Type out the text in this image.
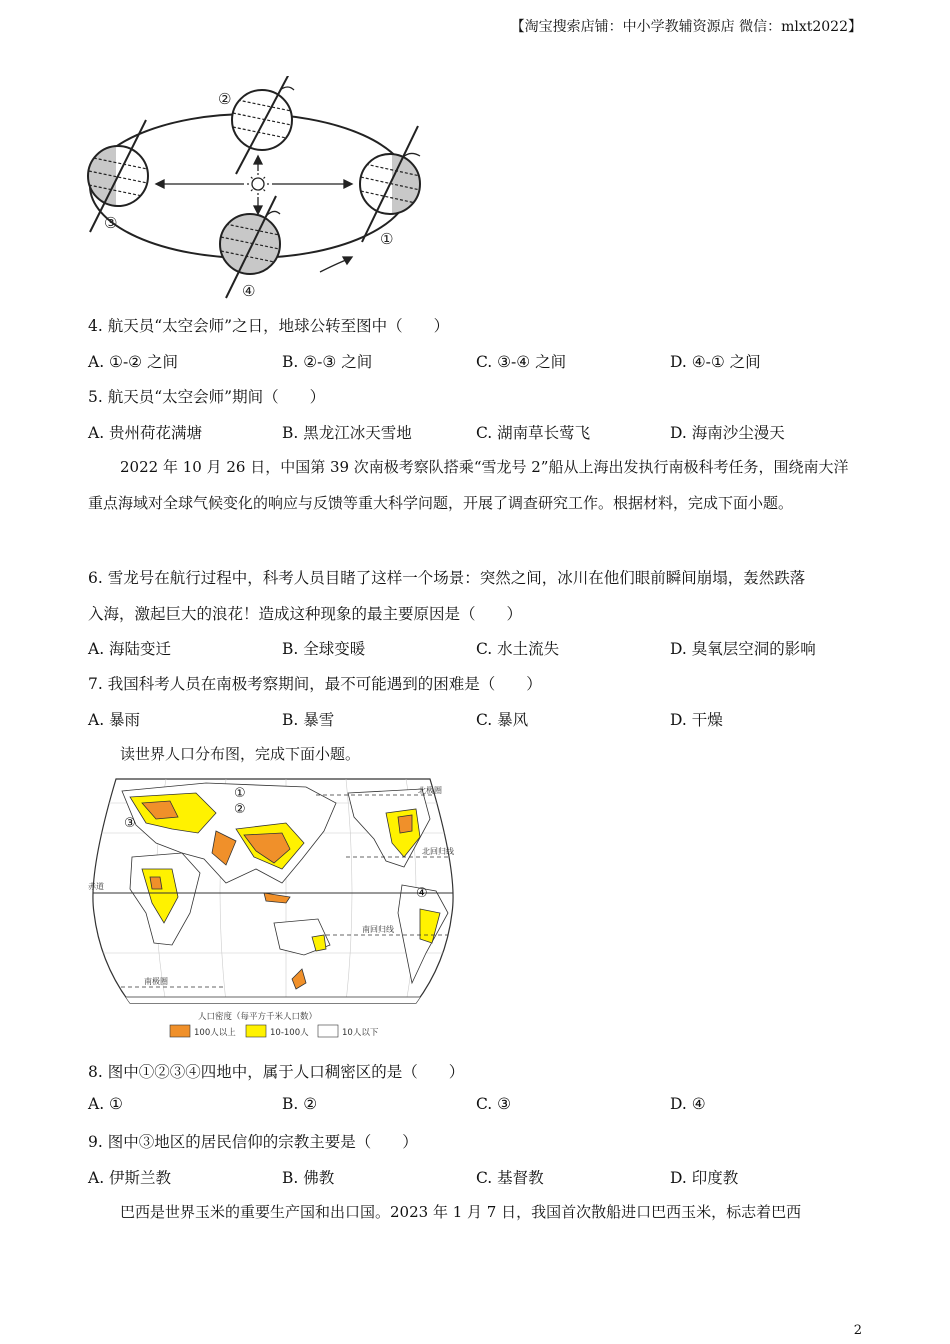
【淘宝搜索店铺：中小学教辅资源店 微信：mlxt2022】
①
②
③
④
4. 航天员“太空会师”之日，地球公转至图中（　　）
A. ①-② 之间	B. ②-③ 之间	C. ③-④ 之间	D. ④-① 之间
5. 航天员“太空会师”期间（　　）
A. 贵州荷花满塘	B. 黑龙江冰天雪地	C. 湖南草长莺飞	D. 海南沙尘漫天
2022 年 10 月 26 日，中国第 39 次南极考察队搭乘“雪龙号 2”船从上海出发执行南极科考任务，围绕南大洋重点海域对全球气候变化的响应与反馈等重大科学问题，开展了调查研究工作。根据材料，完成下面小题。
6. 雪龙号在航行过程中，科考人员目睹了这样一个场景：突然之间，冰川在他们眼前瞬间崩塌，轰然跌落
入海，激起巨大的浪花！造成这种现象的最主要原因是（　　）
A. 海陆变迁	B. 全球变暖	C. 水土流失	D. 臭氧层空洞的影响
7. 我国科考人员在南极考察期间，最不可能遇到的困难是（　　）
A. 暴雨	B. 暴雪	C. 暴风	D. 干燥
读世界人口分布图，完成下面小题。
北极圈
北回归线
赤道
南回归线
南极圈
①
②
③
④
人口密度（每平方千米人口数）
100人以上	10-100人	10人以下
8. 图中①②③④四地中，属于人口稠密区的是（　　）
A. ①	B. ②	C. ③	D. ④
9. 图中③地区的居民信仰的宗教主要是（　　）
A. 伊斯兰教	B. 佛教	C. 基督教	D. 印度教
巴西是世界玉米的重要生产国和出口国。2023 年 1 月 7 日，我国首次散船进口巴西玉米，标志着巴西
2
